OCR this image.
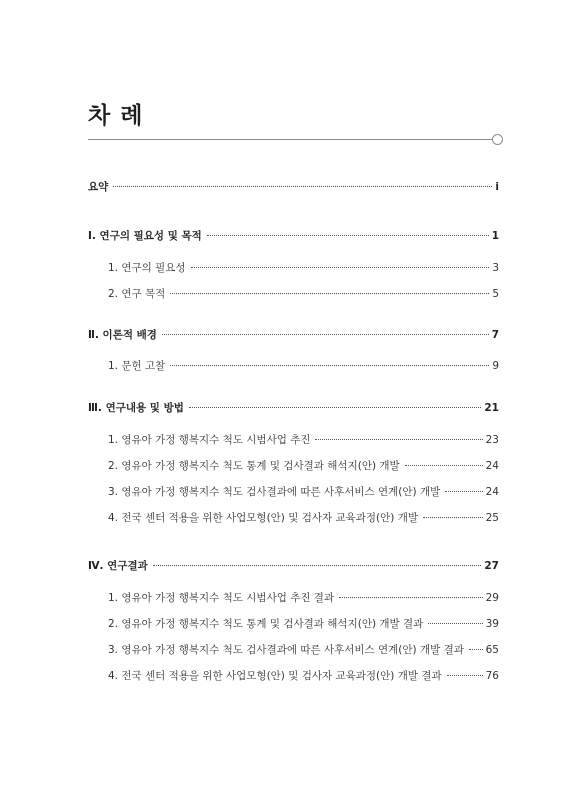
차 례
요약	i
Ⅰ. 연구의 필요성 및 목적	1
1. 연구의 필요성	3
2. 연구 목적	5
Ⅱ. 이론적 배경	7
1. 문헌 고찰	9
Ⅲ. 연구내용 및 방법	21
1. 영유아 가정 행복지수 척도 시범사업 추진	23
2. 영유아 가정 행복지수 척도 통계 및 검사결과 해석지(안) 개발	24
3. 영유아 가정 행복지수 척도 검사결과에 따른 사후서비스 연계(안) 개발	24
4. 전국 센터 적용을 위한 사업모형(안) 및 검사자 교육과정(안) 개발	25
Ⅳ. 연구결과	27
1. 영유아 가정 행복지수 척도 시범사업 추진 결과	29
2. 영유아 가정 행복지수 척도 통계 및 검사결과 해석지(안) 개발 결과	39
3. 영유아 가정 행복지수 척도 검사결과에 따른 사후서비스 연계(안) 개발 결과 65
4. 전국 센터 적용을 위한 사업모형(안) 및 검사자 교육과정(안) 개발 결과	76
